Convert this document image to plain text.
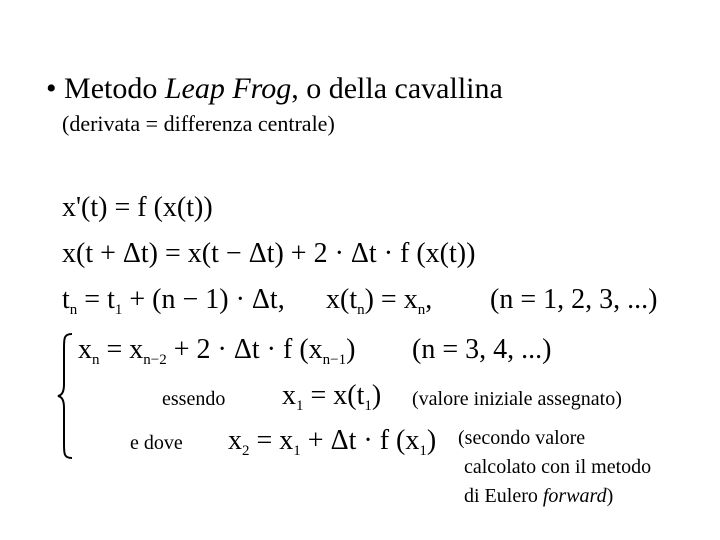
• Metodo Leap Frog, o della cavallina
(derivata = differenza centrale)
x'(t) = f (x(t))
x(t + Δt) = x(t − Δt) + 2 · Δt · f (x(t))
$t_n = t_1 + (n - 1) \cdot \Delta t$, $x(t_n) = x_n$, (n = 1, 2, 3, ...)
$x_n = x_{n-2} + 2 \cdot \Delta t \cdot f$ $(x_{n-1}) (n = 3$, 4, ...)
essendo $x_1 = x(t_1)$ (valore iniziale assegnato)
e dove $x_2 = x_1 + \Delta t \cdot f$ $(x_1)$ (secondo valore
calcolato con il metodo
di Eulero forward)
